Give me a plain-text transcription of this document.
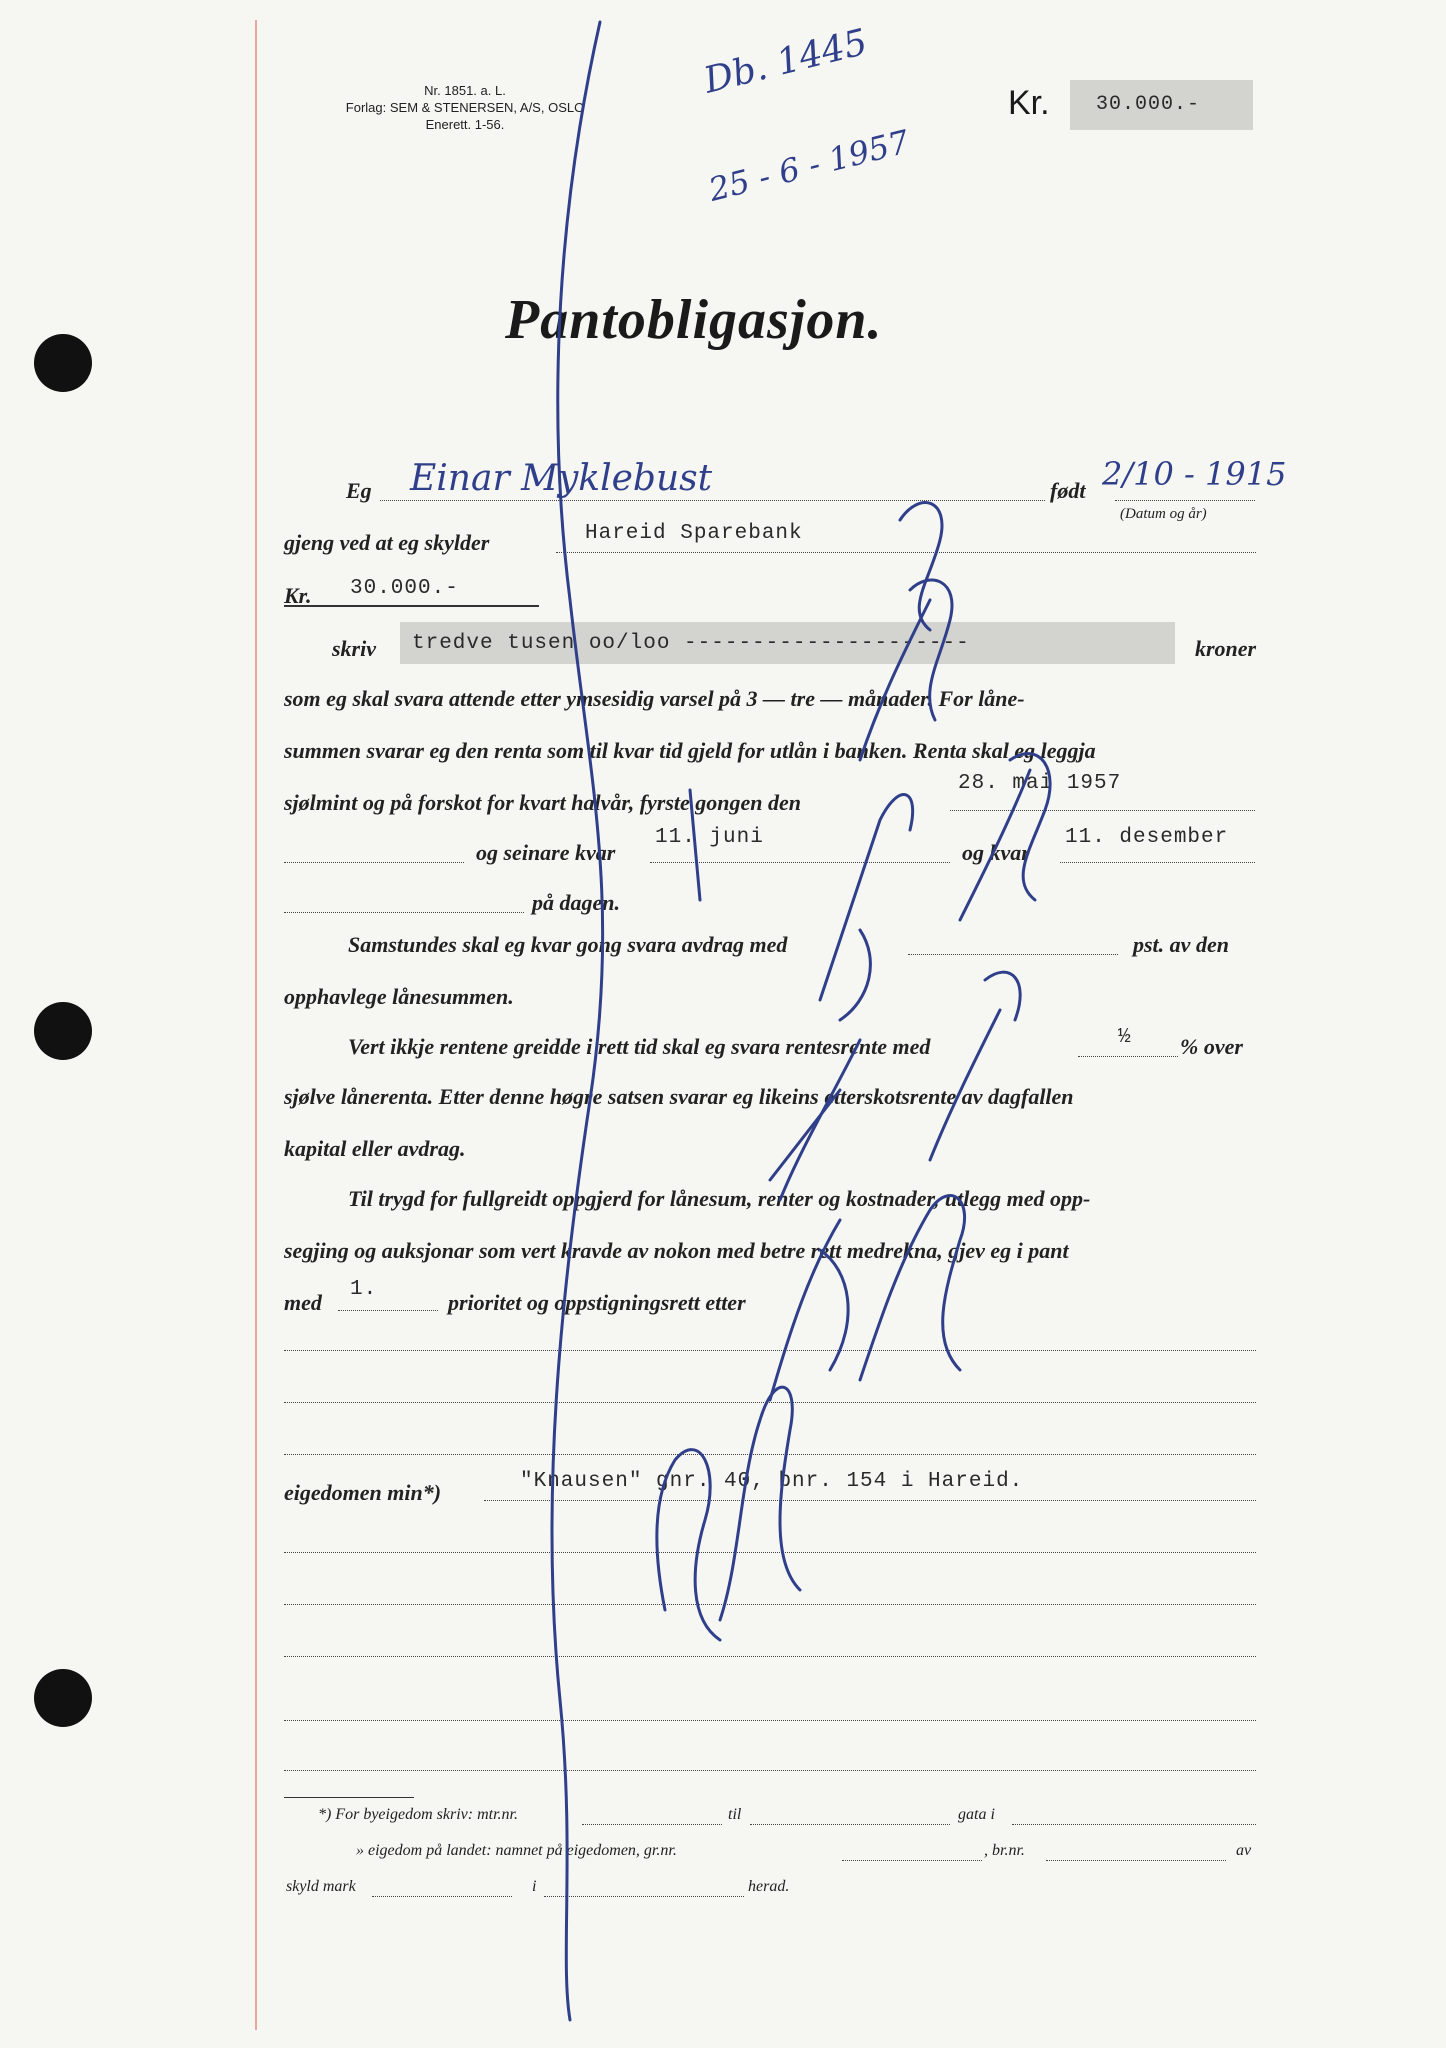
Nr. 1851. a. L.
Forlag: SEM & STENERSEN, A/S, OSLO
Enerett. 1-56.
Db. 1445
25 - 6 - 1957
Kr. 30.000.-
Pantobligasjon.
Eg Einar Myklebust	født 2/10 - 1915
(Datum og år)
gjeng ved at eg skylder	Hareid Sparebank
Kr. 30.000.-
skriv tredve tusen oo/loo ---------------------	kroner
som eg skal svara attende etter ymsesidig varsel på 3 — tre — månader. For låne-
summen svarar eg den renta som til kvar tid gjeld for utlån i banken. Renta skal eg leggja
sjølmint og på forskot for kvart halvår, fyrste gongen den
28. mai 1957
og seinare kvar
11. juni
og kvar
11. desember
på dagen.
Samstundes skal eg kvar gong svara avdrag med	pst. av den
opphavlege lånesummen.
Vert ikkje rentene greidde i rett tid skal eg svara rentesrente med	½ % over
sjølve lånerenta. Etter denne høgre satsen svarar eg likeins etterskotsrente av dagfallen
kapital eller avdrag.
Til trygd for fullgreidt oppgjerd for lånesum, renter og kostnader, utlegg med opp-
segjing og auksjonar som vert kravde av nokon med betre rett medrekna, gjev eg i pant
med
1.
prioritet og oppstigningsrett etter
eigedomen min*)	"Knausen" gnr. 40, bnr. 154 i Hareid.
*) For byeigedom skriv: mtr.nr.	til	gata i
» eigedom på landet: namnet på eigedomen, gr.nr.	, br.nr.	av
skyld mark	i	herad.
